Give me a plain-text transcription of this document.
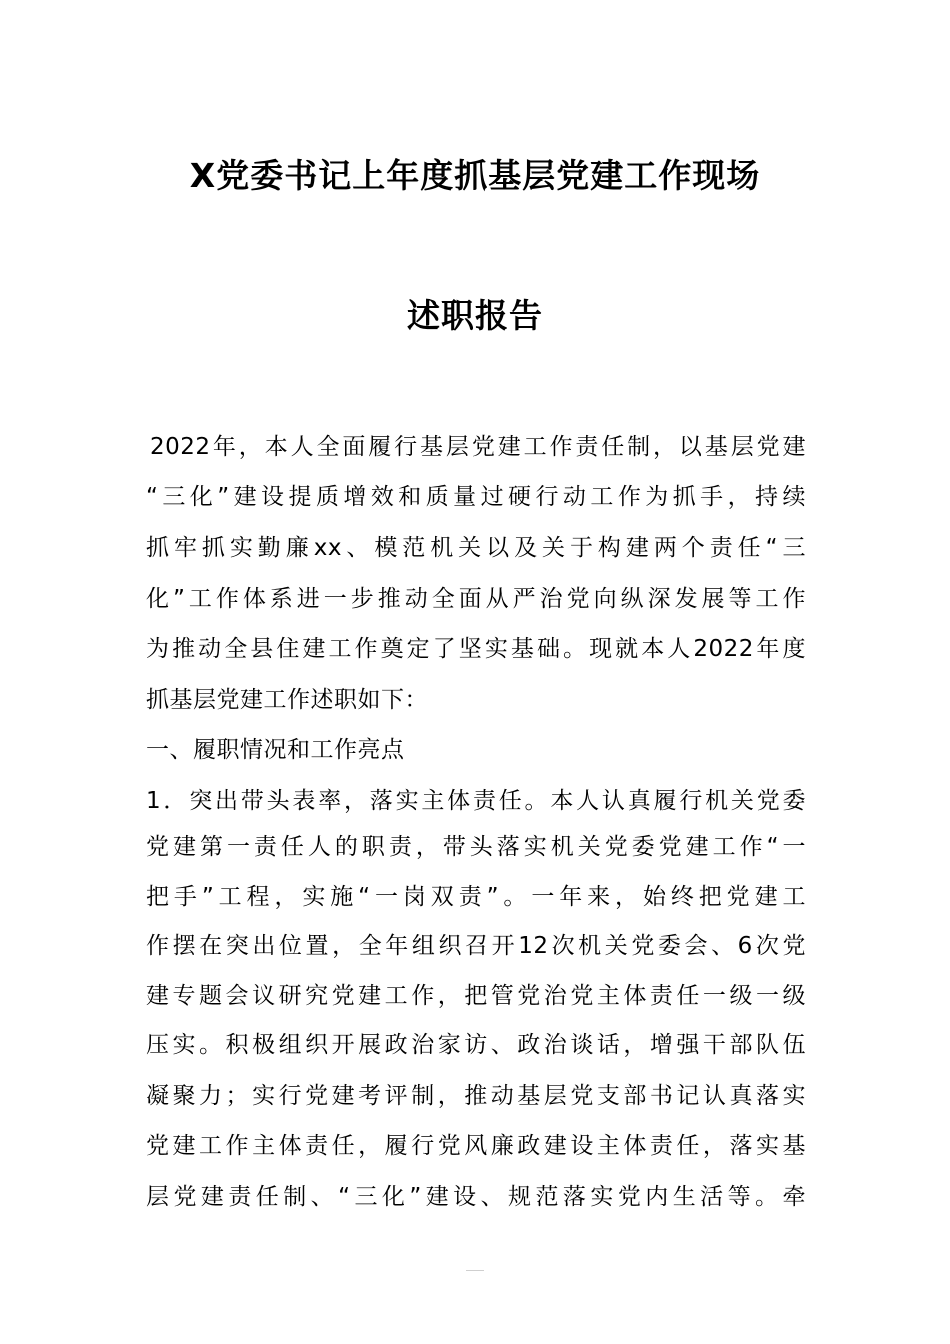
X党委书记上年度抓基层党建工作现场
述职报告
2022年，本人全面履行基层党建工作责任制，以基层党建
“三化”建设提质增效和质量过硬行动工作为抓手，持续
抓牢抓实勤廉xx、模范机关以及关于构建两个责任“三
化”工作体系进一步推动全面从严治党向纵深发展等工作
为推动全县住建工作奠定了坚实基础。现就本人2022年度
抓基层党建工作述职如下：
一、履职情况和工作亮点
1．突出带头表率，落实主体责任。本人认真履行机关党委
党建第一责任人的职责，带头落实机关党委党建工作“一
把手”工程，实施“一岗双责”。一年来，始终把党建工
作摆在突出位置，全年组织召开12次机关党委会、6次党
建专题会议研究党建工作，把管党治党主体责任一级一级
压实。积极组织开展政治家访、政治谈话，增强干部队伍
凝聚力；实行党建考评制，推动基层党支部书记认真落实
党建工作主体责任，履行党风廉政建设主体责任，落实基
层党建责任制、“三化”建设、规范落实党内生活等。牵
